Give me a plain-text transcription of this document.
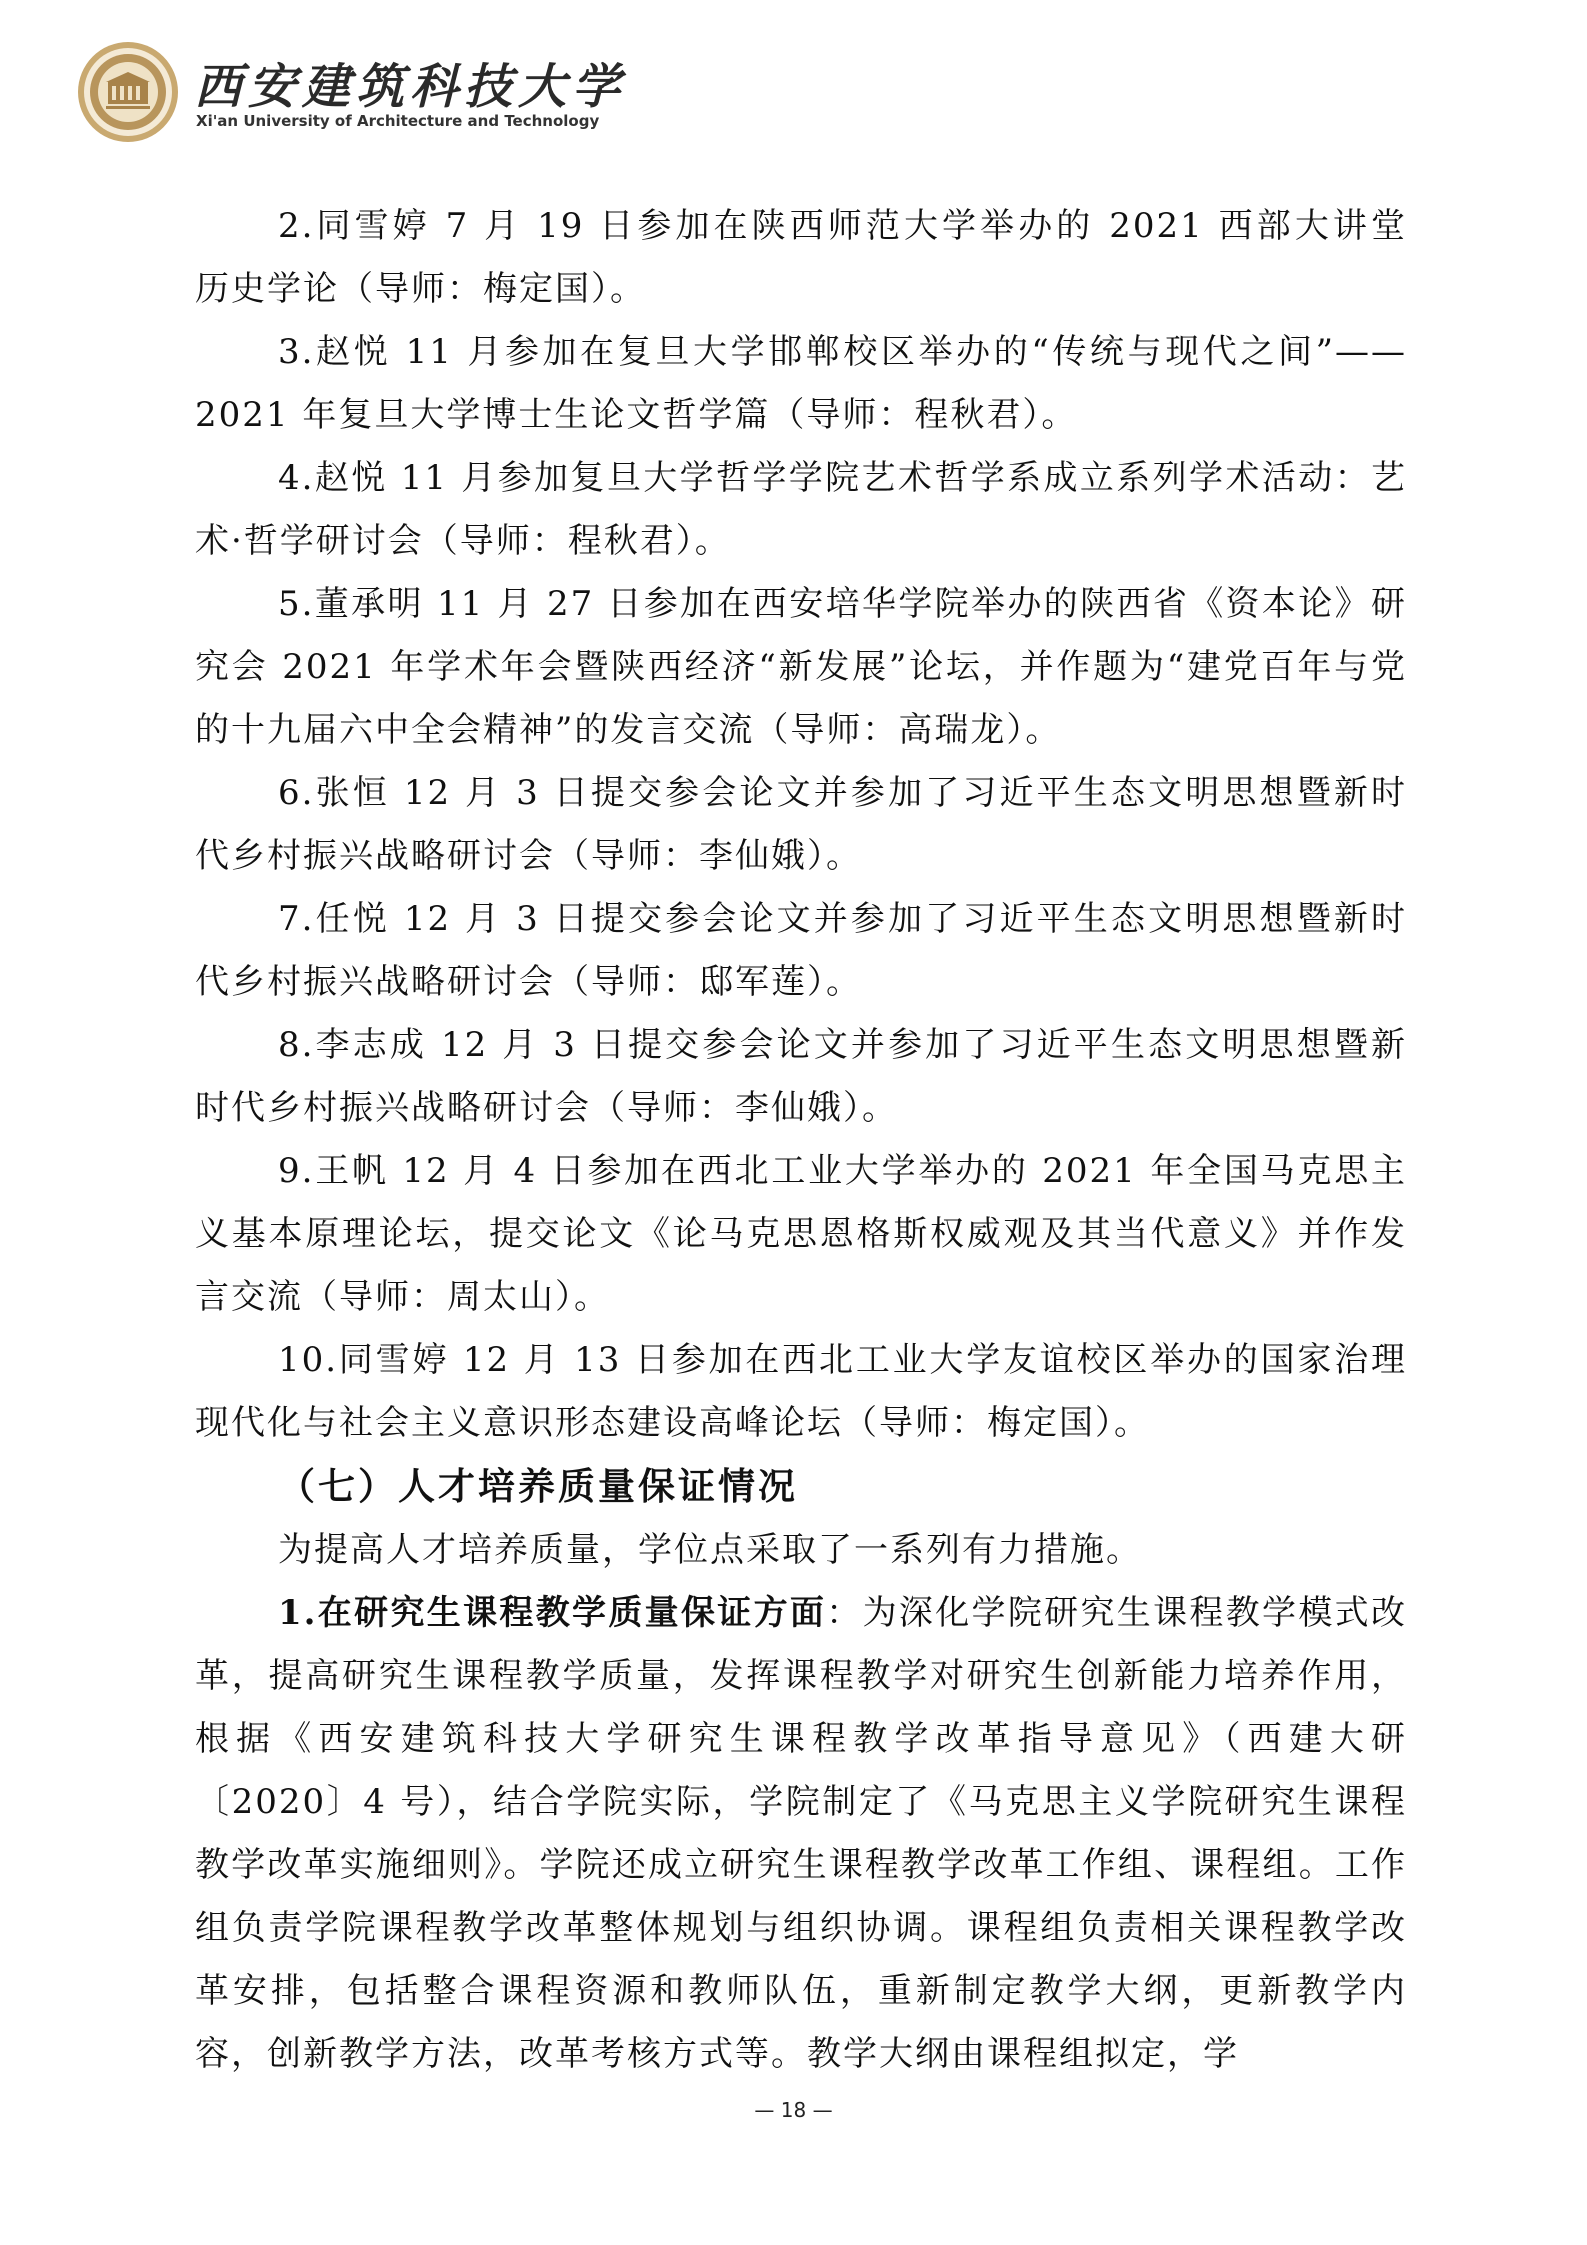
西安建筑科技大学
Xi'an University of Architecture and Technology

2.同雪婷 7 月 19 日参加在陕西师范大学举办的 2021 西部大讲堂　历史学论（导师：梅定国）。

3.赵悦 11 月参加在复旦大学邯郸校区举办的“传统与现代之间”——2021 年复旦大学博士生论文哲学篇（导师：程秋君）。

4.赵悦 11 月参加复旦大学哲学学院艺术哲学系成立系列学术活动：艺术·哲学研讨会（导师：程秋君）。

5.董承明 11 月 27 日参加在西安培华学院举办的陕西省《资本论》研究会 2021 年学术年会暨陕西经济“新发展”论坛，并作题为“建党百年与党的十九届六中全会精神”的发言交流（导师：高瑞龙）。

6.张恒 12 月 3 日提交参会论文并参加了习近平生态文明思想暨新时代乡村振兴战略研讨会（导师：李仙娥）。

7.任悦 12 月 3 日提交参会论文并参加了习近平生态文明思想暨新时代乡村振兴战略研讨会（导师：邸军莲）。

8.李志成 12 月 3 日提交参会论文并参加了习近平生态文明思想暨新时代乡村振兴战略研讨会（导师：李仙娥）。

9.王帆 12 月 4 日参加在西北工业大学举办的 2021 年全国马克思主义基本原理论坛，提交论文《论马克思恩格斯权威观及其当代意义》并作发言交流（导师：周太山）。

10.同雪婷 12 月 13 日参加在西北工业大学友谊校区举办的国家治理现代化与社会主义意识形态建设高峰论坛（导师：梅定国）。

（七）人才培养质量保证情况

为提高人才培养质量，学位点采取了一系列有力措施。

1.在研究生课程教学质量保证方面：为深化学院研究生课程教学模式改革，提高研究生课程教学质量，发挥课程教学对研究生创新能力培养作用，根据《西安建筑科技大学研究生课程教学改革指导意见》（西建大研〔2020〕4 号），结合学院实际，学院制定了《马克思主义学院研究生课程教学改革实施细则》。学院还成立研究生课程教学改革工作组、课程组。工作组负责学院课程教学改革整体规划与组织协调。课程组负责相关课程教学改革安排，包括整合课程资源和教师队伍，重新制定教学大纲，更新教学内容，创新教学方法，改革考核方式等。教学大纲由课程组拟定，学

— 18 —
